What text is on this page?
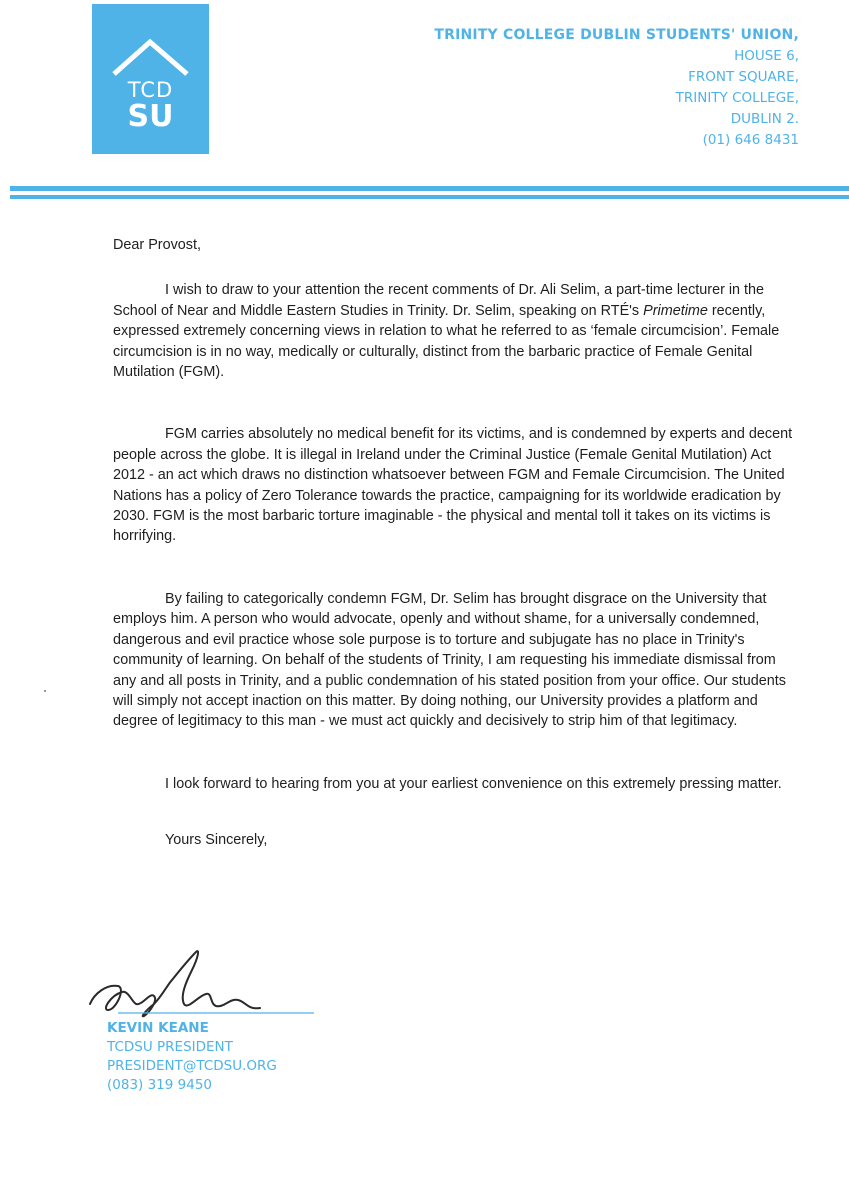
TCD
SU
TRINITY COLLEGE DUBLIN STUDENTS' UNION,
HOUSE 6,
FRONT SQUARE,
TRINITY COLLEGE,
DUBLIN 2.
(01) 646 8431

Dear Provost,

I wish to draw to your attention the recent comments of Dr. Ali Selim, a part-time lecturer in the School of Near and Middle Eastern Studies in Trinity. Dr. Selim, speaking on RTÉ's Primetime recently, expressed extremely concerning views in relation to what he referred to as ‘female circumcision’. Female circumcision is in no way, medically or culturally, distinct from the barbaric practice of Female Genital Mutilation (FGM).

FGM carries absolutely no medical benefit for its victims, and is condemned by experts and decent people across the globe. It is illegal in Ireland under the Criminal Justice (Female Genital Mutilation) Act 2012 - an act which draws no distinction whatsoever between FGM and Female Circumcision. The United Nations has a policy of Zero Tolerance towards the practice, campaigning for its worldwide eradication by 2030. FGM is the most barbaric torture imaginable - the physical and mental toll it takes on its victims is horrifying.

By failing to categorically condemn FGM, Dr. Selim has brought disgrace on the University that employs him. A person who would advocate, openly and without shame, for a universally condemned, dangerous and evil practice whose sole purpose is to torture and subjugate has no place in Trinity's community of learning. On behalf of the students of Trinity, I am requesting his immediate dismissal from any and all posts in Trinity, and a public condemnation of his stated position from your office. Our students will simply not accept inaction on this matter. By doing nothing, our University provides a platform and degree of legitimacy to this man - we must act quickly and decisively to strip him of that legitimacy.

I look forward to hearing from you at your earliest convenience on this extremely pressing matter.

Yours Sincerely,

KEVIN KEANE
TCDSU PRESIDENT
PRESIDENT@TCDSU.ORG
(083) 319 9450
